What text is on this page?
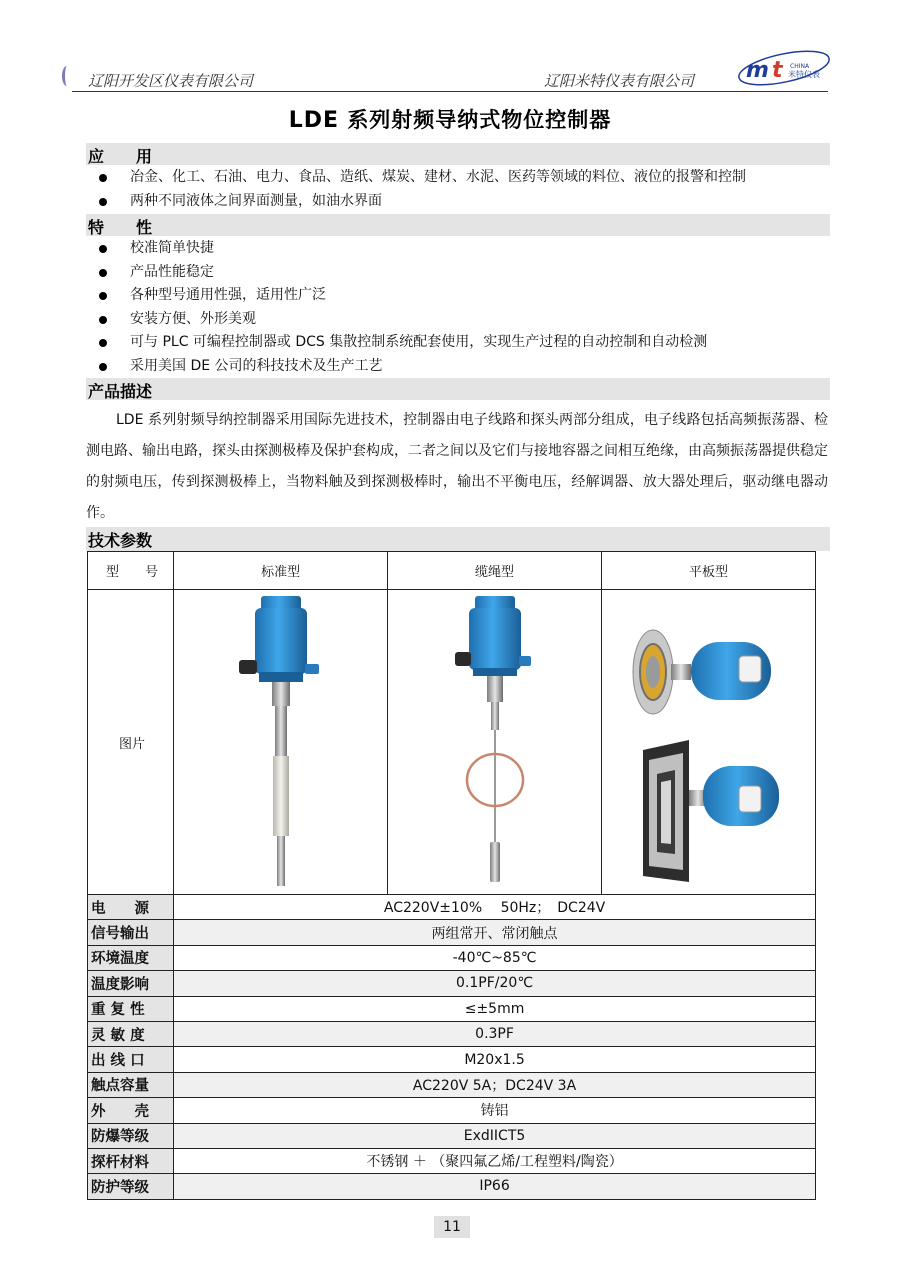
辽阳开发区仪表有限公司	辽阳米特仪表有限公司 m t CHINA
米特仪表
LDE 系列射频导纳式物位控制器
应　　用
冶金、化工、石油、电力、食品、造纸、煤炭、建材、水泥、医药等领域的料位、液位的报警和控制
两种不同液体之间界面测量，如油水界面
特　　性
校准简单快捷
产品性能稳定
各种型号通用性强，适用性广泛
安装方便、外形美观
可与 PLC 可编程控制器或 DCS 集散控制系统配套使用，实现生产过程的自动控制和自动检测
采用美国 DE 公司的科技技术及生产工艺
产品描述

LDE 系列射频导纳控制器采用国际先进技术，控制器由电子线路和探头两部分组成，电子线路包括高频振荡器、检测电路、输出电路，探头由探测极棒及保护套构成，二者之间以及它们与接地容器之间相互绝缘，由高频振荡器提供稳定的射频电压，传到探测极棒上，当物料触及到探测极棒时，输出不平衡电压，经解调器、放大器处理后，驱动继电器动作。

技术参数
型　　号	标准型	缆绳型	平板型
图片			
电　　源	AC220V±10%　 50Hz；　DC24V		
信号输出	两组常开、常闭触点		
环境温度	-40℃~85℃		
温度影响	0.1PF/20℃		
重 复 性	≤±5mm		
灵 敏 度	0.3PF		
出 线 口	M20x1.5		
触点容量	AC220V 5A；DC24V 3A		
外　　壳	铸铝		
防爆等级	ExdIICT5		
探杆材料	不锈钢 ＋ （聚四氟乙烯/工程塑料/陶瓷）		
防护等级	IP66		
11
